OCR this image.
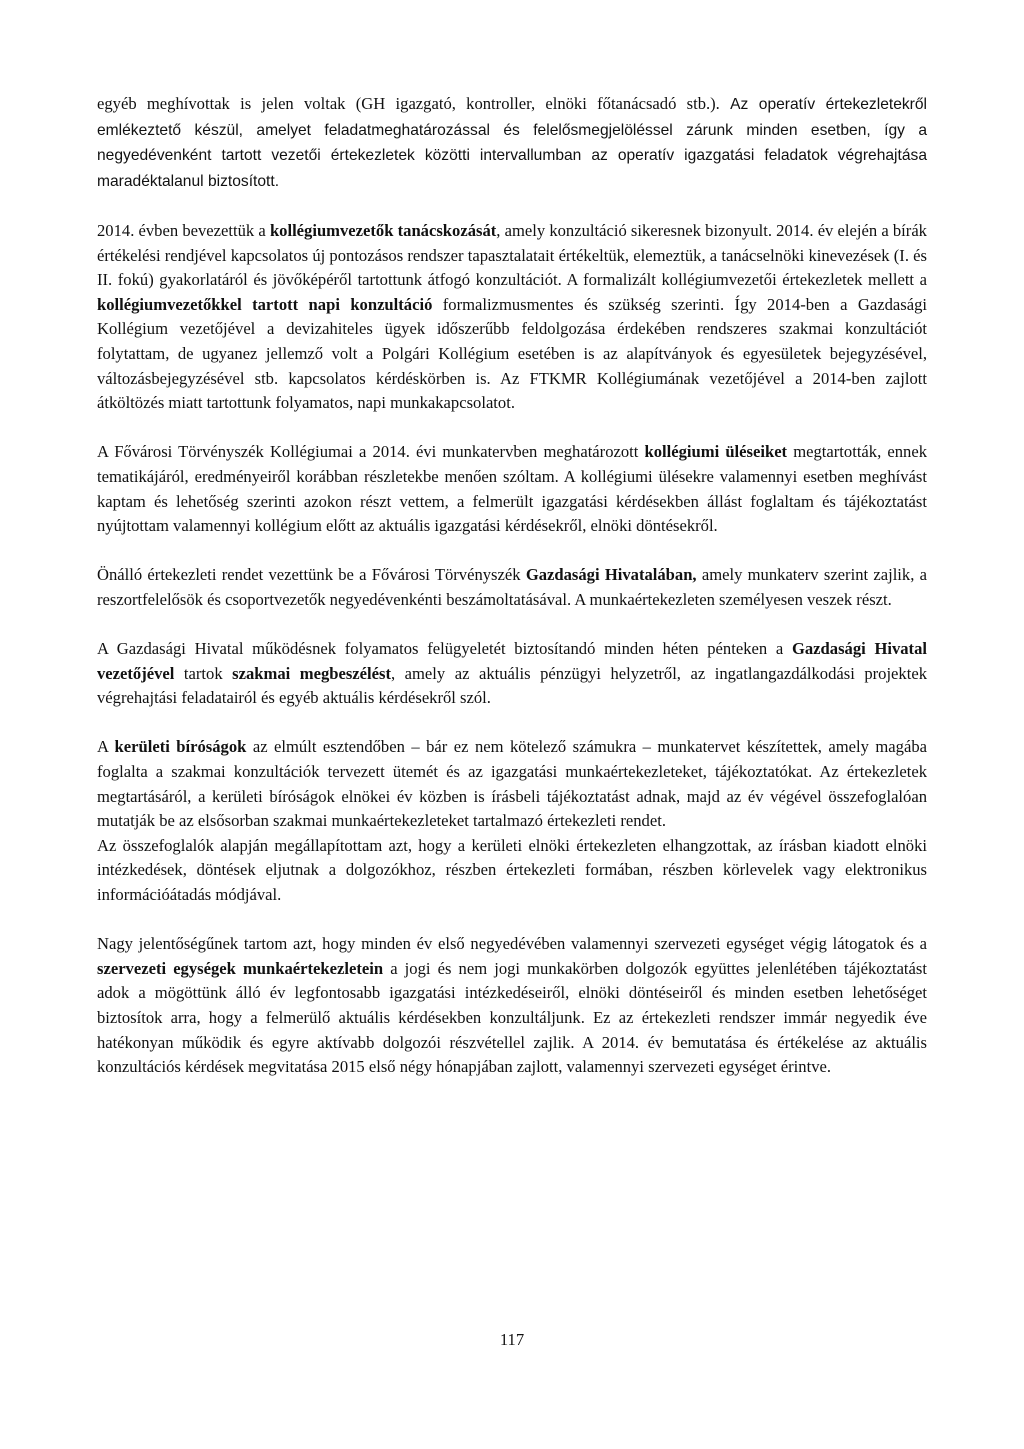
egyéb meghívottak is jelen voltak (GH igazgató, kontroller, elnöki főtanácsadó stb.). Az operatív értekezletekről emlékeztető készül, amelyet feladatmeghatározással és felelősmegjelöléssel zárunk minden esetben, így a negyedévenként tartott vezetői értekezletek közötti intervallumban az operatív igazgatási feladatok végrehajtása maradéktalanul biztosított.

2014. évben bevezettük a kollégiumvezetők tanácskozását, amely konzultáció sikeresnek bizonyult. 2014. év elején a bírák értékelési rendjével kapcsolatos új pontozásos rendszer tapasztalatait értékeltük, elemeztük, a tanácselnöki kinevezések (I. és II. fokú) gyakorlatáról és jövőképéről tartottunk átfogó konzultációt. A formalizált kollégiumvezetői értekezletek mellett a kollégiumvezetőkkel tartott napi konzultáció formalizmusmentes és szükség szerinti. Így 2014-ben a Gazdasági Kollégium vezetőjével a devizahiteles ügyek időszerűbb feldolgozása érdekében rendszeres szakmai konzultációt folytattam, de ugyanez jellemző volt a Polgári Kollégium esetében is az alapítványok és egyesületek bejegyzésével, változásbejegyzésével stb. kapcsolatos kérdéskörben is. Az FTKMR Kollégiumának vezetőjével a 2014-ben zajlott átköltözés miatt tartottunk folyamatos, napi munkakapcsolatot.

A Fővárosi Törvényszék Kollégiumai a 2014. évi munkatervben meghatározott kollégiumi üléseiket megtartották, ennek tematikájáról, eredményeiről korábban részletekbe menően szóltam. A kollégiumi ülésekre valamennyi esetben meghívást kaptam és lehetőség szerinti azokon részt vettem, a felmerült igazgatási kérdésekben állást foglaltam és tájékoztatást nyújtottam valamennyi kollégium előtt az aktuális igazgatási kérdésekről, elnöki döntésekről.

Önálló értekezleti rendet vezettünk be a Fővárosi Törvényszék Gazdasági Hivatalában, amely munkaterv szerint zajlik, a reszortfelelősök és csoportvezetők negyedévenkénti beszámoltatásával. A munkaértekezleten személyesen veszek részt.

A Gazdasági Hivatal működésnek folyamatos felügyeletét biztosítandó minden héten pénteken a Gazdasági Hivatal vezetőjével tartok szakmai megbeszélést, amely az aktuális pénzügyi helyzetről, az ingatlangazdálkodási projektek végrehajtási feladatairól és egyéb aktuális kérdésekről szól.

A kerületi bíróságok az elmúlt esztendőben – bár ez nem kötelező számukra – munkatervet készítettek, amely magába foglalta a szakmai konzultációk tervezett ütemét és az igazgatási munkaértekezleteket, tájékoztatókat. Az értekezletek megtartásáról, a kerületi bíróságok elnökei év közben is írásbeli tájékoztatást adnak, majd az év végével összefoglalóan mutatják be az elsősorban szakmai munkaértekezleteket tartalmazó értekezleti rendet.

Az összefoglalók alapján megállapítottam azt, hogy a kerületi elnöki értekezleten elhangzottak, az írásban kiadott elnöki intézkedések, döntések eljutnak a dolgozókhoz, részben értekezleti formában, részben körlevelek vagy elektronikus információátadás módjával.

Nagy jelentőségűnek tartom azt, hogy minden év első negyedévében valamennyi szervezeti egységet végig látogatok és a szervezeti egységek munkaértekezletein a jogi és nem jogi munkakörben dolgozók együttes jelenlétében tájékoztatást adok a mögöttünk álló év legfontosabb igazgatási intézkedéseiről, elnöki döntéseiről és minden esetben lehetőséget biztosítok arra, hogy a felmerülő aktuális kérdésekben konzultáljunk. Ez az értekezleti rendszer immár negyedik éve hatékonyan működik és egyre aktívabb dolgozói részvétellel zajlik. A 2014. év bemutatása és értékelése az aktuális konzultációs kérdések megvitatása 2015 első négy hónapjában zajlott, valamennyi szervezeti egységet érintve.

117
